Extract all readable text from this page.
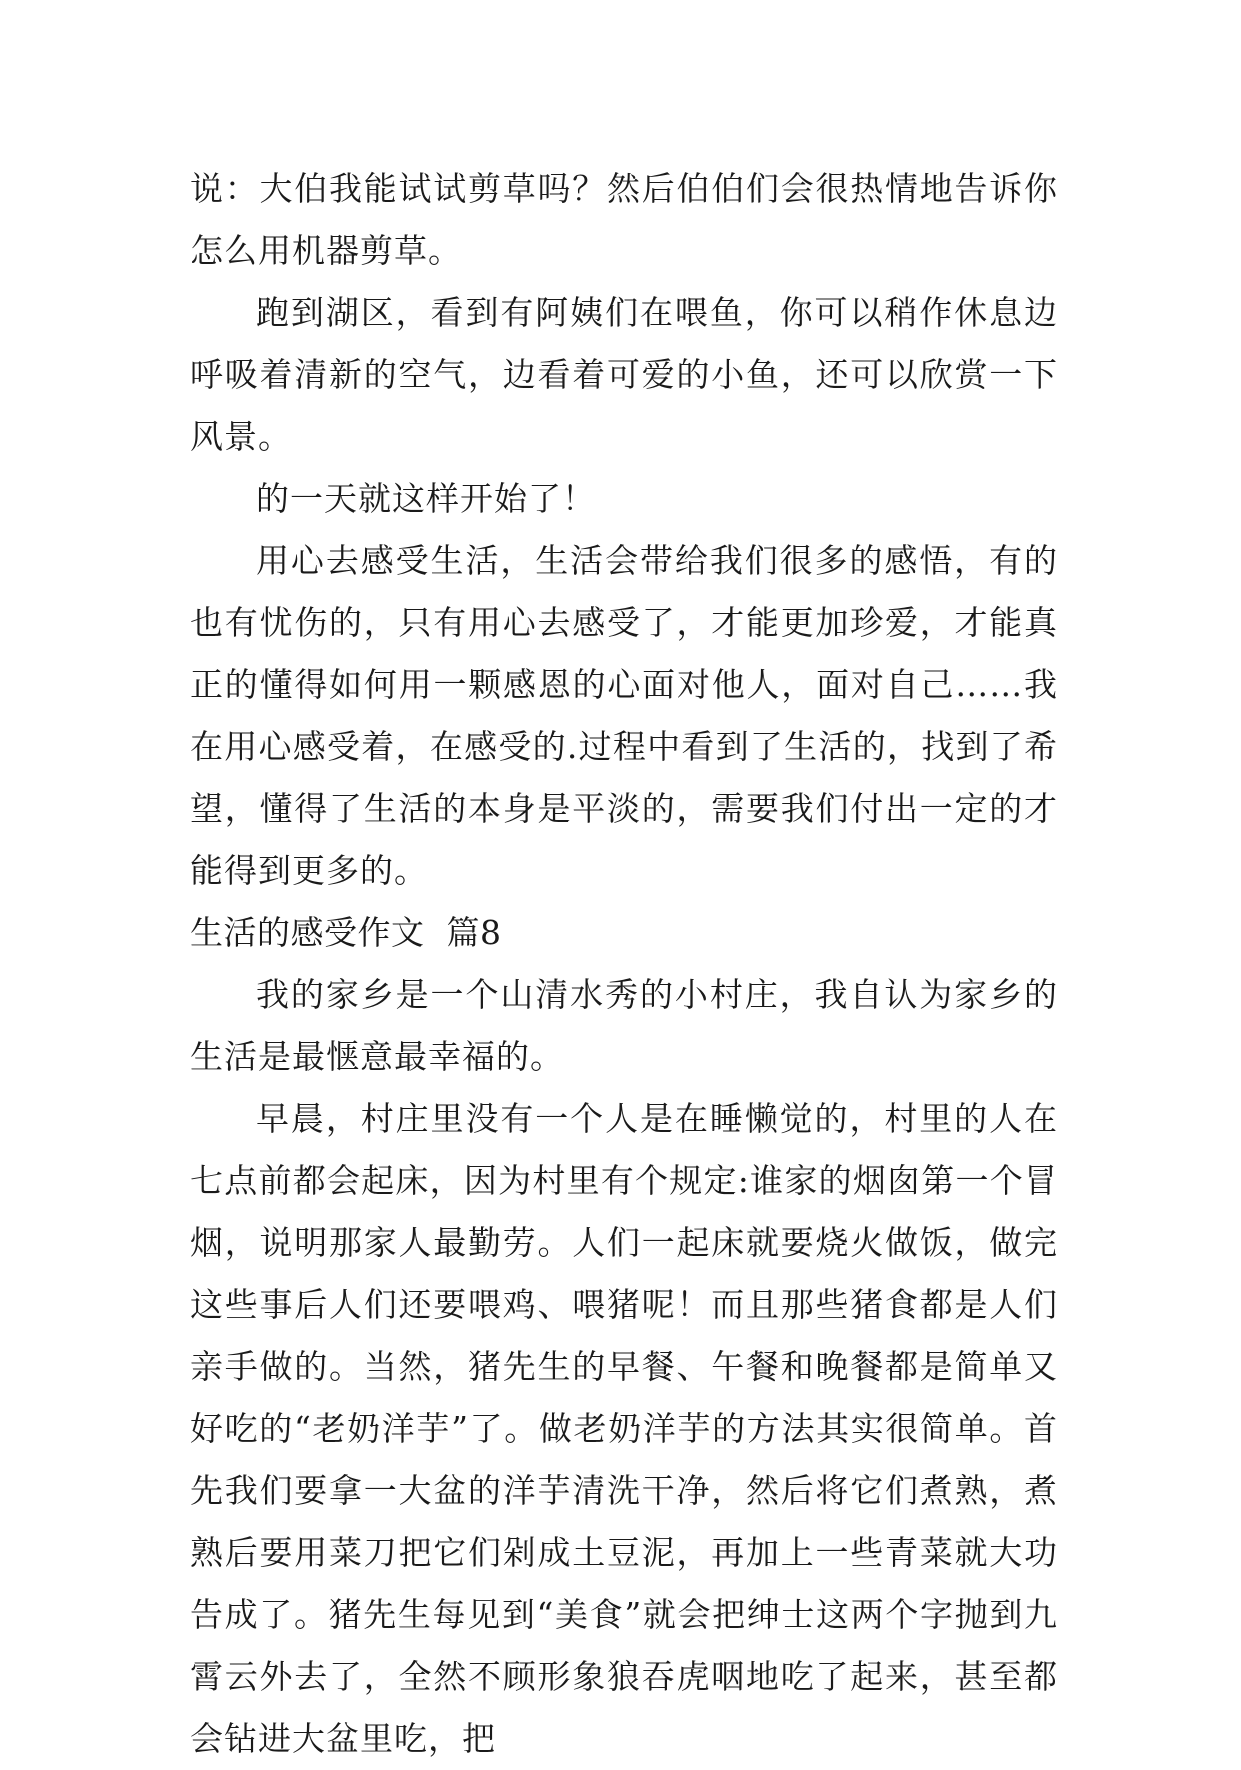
说：大伯我能试试剪草吗？然后伯伯们会很热情地告诉你怎么用机器剪草。

跑到湖区，看到有阿姨们在喂鱼，你可以稍作休息边呼吸着清新的空气，边看着可爱的小鱼，还可以欣赏一下风景。

的一天就这样开始了！

用心去感受生活，生活会带给我们很多的感悟，有的也有忧伤的，只有用心去感受了，才能更加珍爱，才能真正的懂得如何用一颗感恩的心面对他人，面对自己……我在用心感受着，在感受的.过程中看到了生活的，找到了希望，懂得了生活的本身是平淡的，需要我们付出一定的才能得到更多的。

生活的感受作文  篇8

我的家乡是一个山清水秀的小村庄，我自认为家乡的生活是最惬意最幸福的。

早晨，村庄里没有一个人是在睡懒觉的，村里的人在七点前都会起床，因为村里有个规定:谁家的烟囱第一个冒烟，说明那家人最勤劳。人们一起床就要烧火做饭，做完这些事后人们还要喂鸡、喂猪呢！而且那些猪食都是人们亲手做的。当然，猪先生的早餐、午餐和晚餐都是简单又好吃的“老奶洋芋”了。做老奶洋芋的方法其实很简单。首先我们要拿一大盆的洋芋清洗干净，然后将它们煮熟，煮熟后要用菜刀把它们剁成土豆泥，再加上一些青菜就大功告成了。猪先生每见到“美食”就会把绅士这两个字抛到九霄云外去了，全然不顾形象狼吞虎咽地吃了起来，甚至都会钻进大盆里吃，把
